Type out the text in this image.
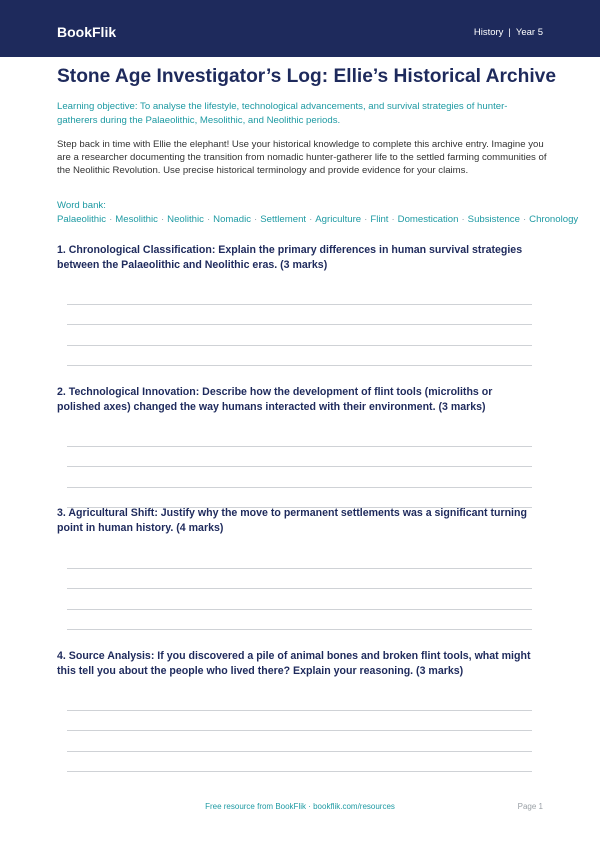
BookFlik	History | Year 5
Stone Age Investigator’s Log: Ellie’s Historical Archive

Learning objective: To analyse the lifestyle, technological advancements, and survival strategies of hunter-gatherers during the Palaeolithic, Mesolithic, and Neolithic periods.

Step back in time with Ellie the elephant! Use your historical knowledge to complete this archive entry. Imagine you are a researcher documenting the transition from nomadic hunter-gatherer life to the settled farming communities of the Neolithic Revolution. Use precise historical terminology and provide evidence for your claims.

Word bank: Palaeolithic · Mesolithic · Neolithic · Nomadic · Settlement · Agriculture · Flint · Domestication · Subsistence · Chronology

1. Chronological Classification: Explain the primary differences in human survival strategies between the Palaeolithic and Neolithic eras. (3 marks)

2. Technological Innovation: Describe how the development of flint tools (microliths or polished axes) changed the way humans interacted with their environment. (3 marks)

3. Agricultural Shift: Justify why the move to permanent settlements was a significant turning point in human history. (4 marks)

4. Source Analysis: If you discovered a pile of animal bones and broken flint tools, what might this tell you about the people who lived there? Explain your reasoning. (3 marks)

Free resource from BookFlik · bookflik.com/resources	Page 1
